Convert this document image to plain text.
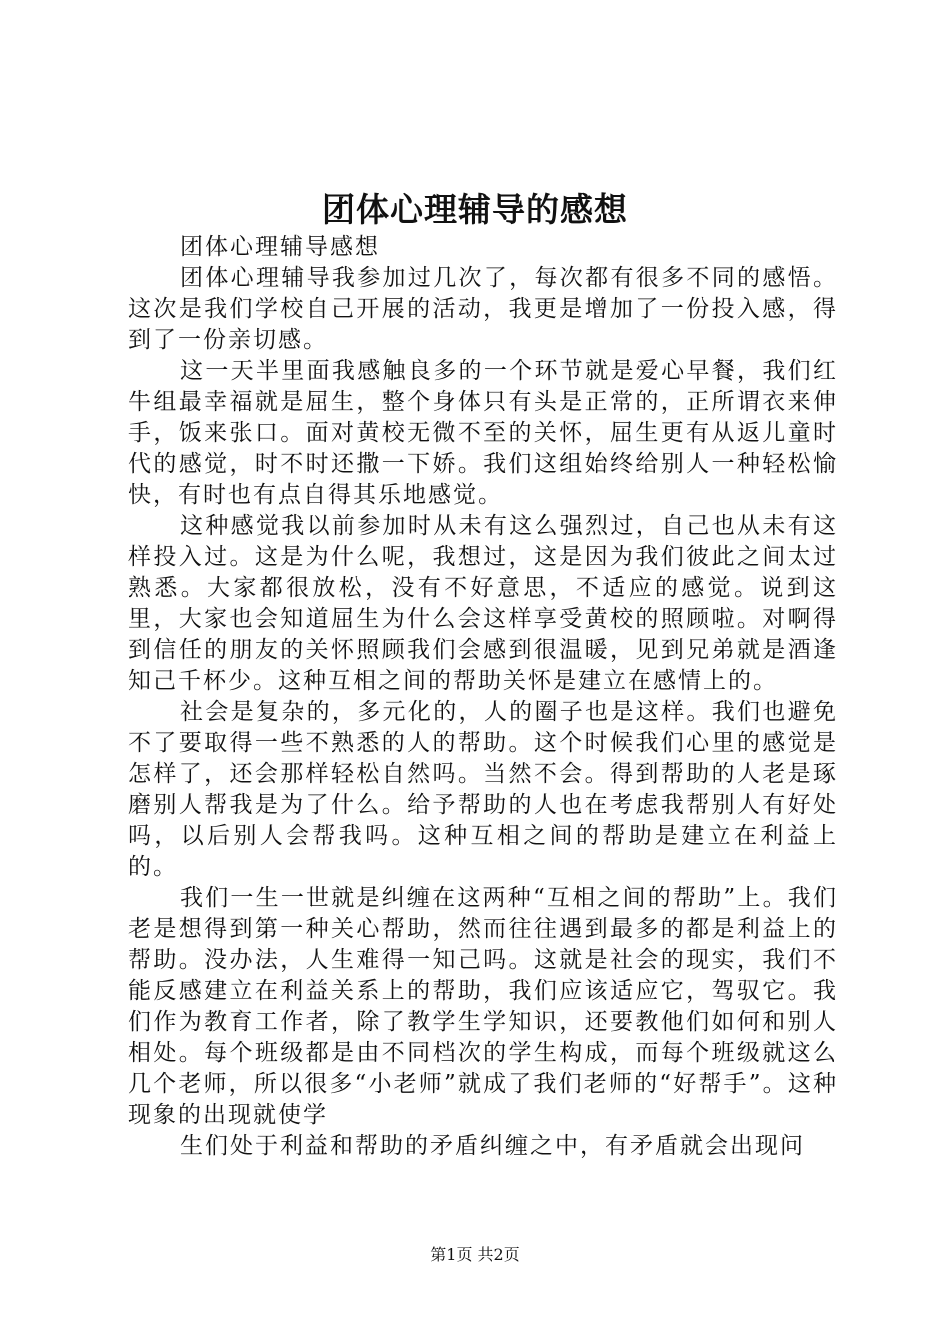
团体心理辅导的感想

团体心理辅导感想

团体心理辅导我参加过几次了，每次都有很多不同的感悟。这次是我们学校自己开展的活动，我更是增加了一份投入感，得到了一份亲切感。

这一天半里面我感触良多的一个环节就是爱心早餐，我们红牛组最幸福就是屈生，整个身体只有头是正常的，正所谓衣来伸手，饭来张口。面对黄校无微不至的关怀，屈生更有从返儿童时代的感觉，时不时还撒一下娇。我们这组始终给别人一种轻松愉快，有时也有点自得其乐地感觉。

这种感觉我以前参加时从未有这么强烈过，自己也从未有这样投入过。这是为什么呢，我想过，这是因为我们彼此之间太过熟悉。大家都很放松，没有不好意思，不适应的感觉。说到这里，大家也会知道屈生为什么会这样享受黄校的照顾啦。对啊得到信任的朋友的关怀照顾我们会感到很温暖，见到兄弟就是酒逢知己千杯少。这种互相之间的帮助关怀是建立在感情上的。

社会是复杂的，多元化的，人的圈子也是这样。我们也避免不了要取得一些不熟悉的人的帮助。这个时候我们心里的感觉是怎样了，还会那样轻松自然吗。当然不会。得到帮助的人老是琢磨别人帮我是为了什么。给予帮助的人也在考虑我帮别人有好处吗，以后别人会帮我吗。这种互相之间的帮助是建立在利益上的。

我们一生一世就是纠缠在这两种“互相之间的帮助”上。我们老是想得到第一种关心帮助，然而往往遇到最多的都是利益上的帮助。没办法，人生难得一知己吗。这就是社会的现实，我们不能反感建立在利益关系上的帮助，我们应该适应它，驾驭它。我们作为教育工作者，除了教学生学知识，还要教他们如何和别人相处。每个班级都是由不同档次的学生构成，而每个班级就这么几个老师，所以很多“小老师”就成了我们老师的“好帮手”。这种现象的出现就使学

生们处于利益和帮助的矛盾纠缠之中，有矛盾就会出现问

第1页 共2页
